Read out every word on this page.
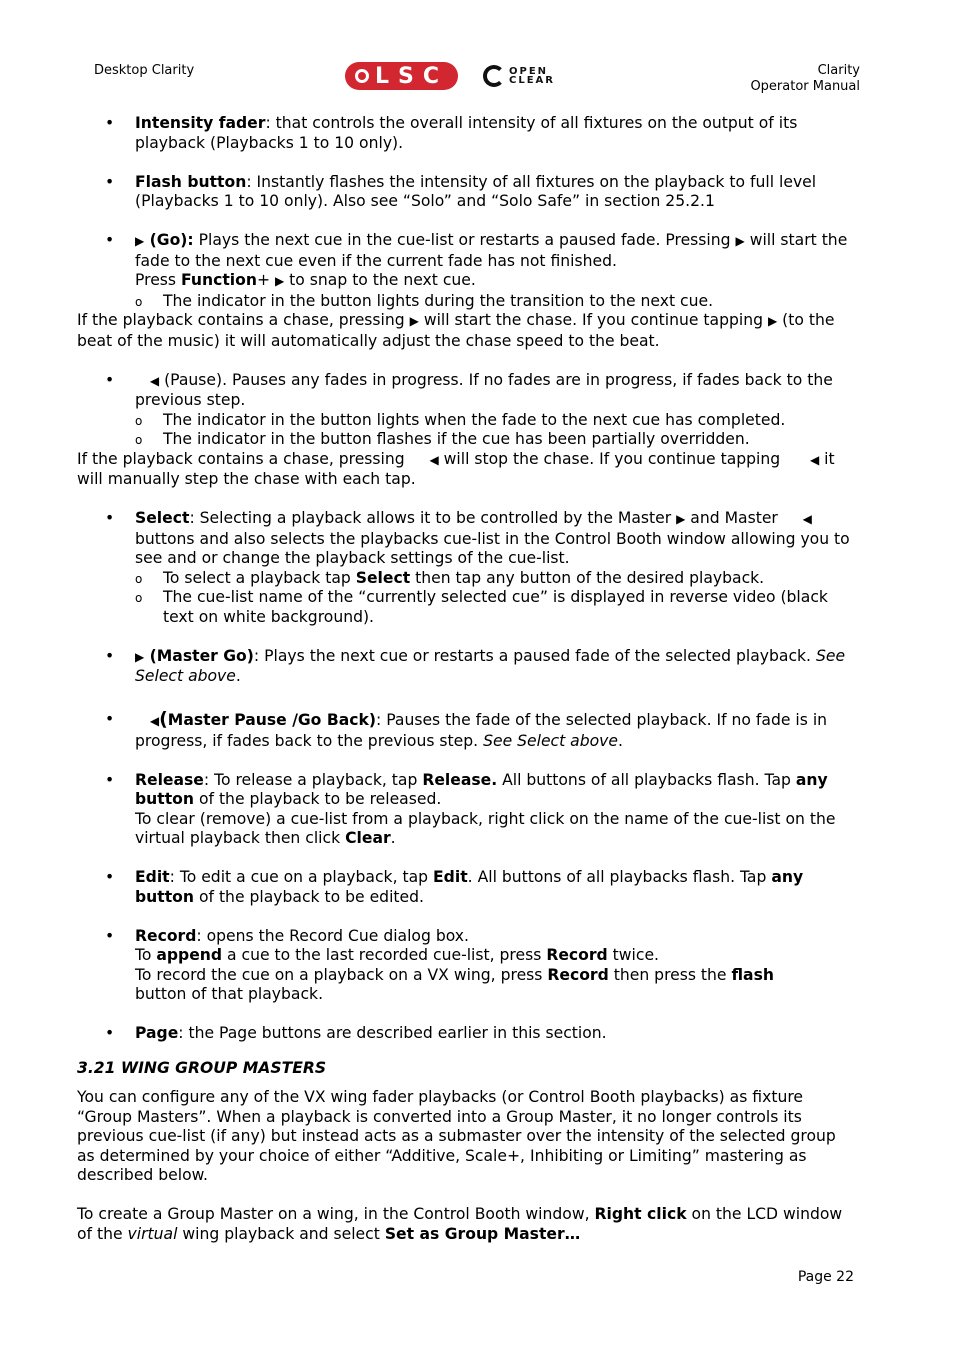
Desktop Clarity	LSC	OPEN
CLEAR
Clarity
Operator Manual
• Intensity fader: that controls the overall intensity of all fixtures on the output of its playback (Playbacks 1 to 10 only).
• Flash button: Instantly flashes the intensity of all fixtures on the playback to full level (Playbacks 1 to 10 only). Also see “Solo” and “Solo Safe” in section 25.2.1
• ▶ (Go): Plays the next cue in the cue-list or restarts a paused fade. Pressing ▶ will start the fade to the next cue even if the current fade has not finished.
Press Function+ ▶ to snap to the next cue.
o The indicator in the button lights during the transition to the next cue.
If the playback contains a chase, pressing ▶ will start the chase. If you continue tapping ▶ (to the beat of the music) it will automatically adjust the chase speed to the beat.
• ◀ (Pause). Pauses any fades in progress. If no fades are in progress, if fades back to the previous step.
o The indicator in the button lights when the fade to the next cue has completed.
o The indicator in the button flashes if the cue has been partially overridden.
If the playback contains a chase, pressing     ◀ will stop the chase. If you continue tapping      ◀ it will manually step the chase with each tap.
• Select: Selecting a playback allows it to be controlled by the Master ▶ and Master     ◀ buttons and also selects the playbacks cue-list in the Control Booth window allowing you to see and or change the playback settings of the cue-list.
o To select a playback tap Select then tap any button of the desired playback.
o The cue-list name of the “currently selected cue” is displayed in reverse video (black text on white background).
• ▶ (Master Go): Plays the next cue or restarts a paused fade of the selected playback. See Select above.
• ◀(Master Pause /Go Back): Pauses the fade of the selected playback. If no fade is in progress, if fades back to the previous step. See Select above.
• Release: To release a playback, tap Release. All buttons of all playbacks flash. Tap any button of the playback to be released.
To clear (remove) a cue-list from a playback, right click on the name of the cue-list on the virtual playback then click Clear.
• Edit: To edit a cue on a playback, tap Edit. All buttons of all playbacks flash. Tap any button of the playback to be edited.
• Record: opens the Record Cue dialog box.
To append a cue to the last recorded cue-list, press Record twice.
To record the cue on a playback on a VX wing, press Record then press the flash
button of that playback.
• Page: the Page buttons are described earlier in this section.
3.21 WING GROUP MASTERS
You can configure any of the VX wing fader playbacks (or Control Booth playbacks) as fixture “Group Masters”. When a playback is converted into a Group Master, it no longer controls its previous cue-list (if any) but instead acts as a submaster over the intensity of the selected group as determined by your choice of either “Additive, Scale+, Inhibiting or Limiting” mastering as described below.
To create a Group Master on a wing, in the Control Booth window, Right click on the LCD window of the virtual wing playback and select Set as Group Master…
Page 22
